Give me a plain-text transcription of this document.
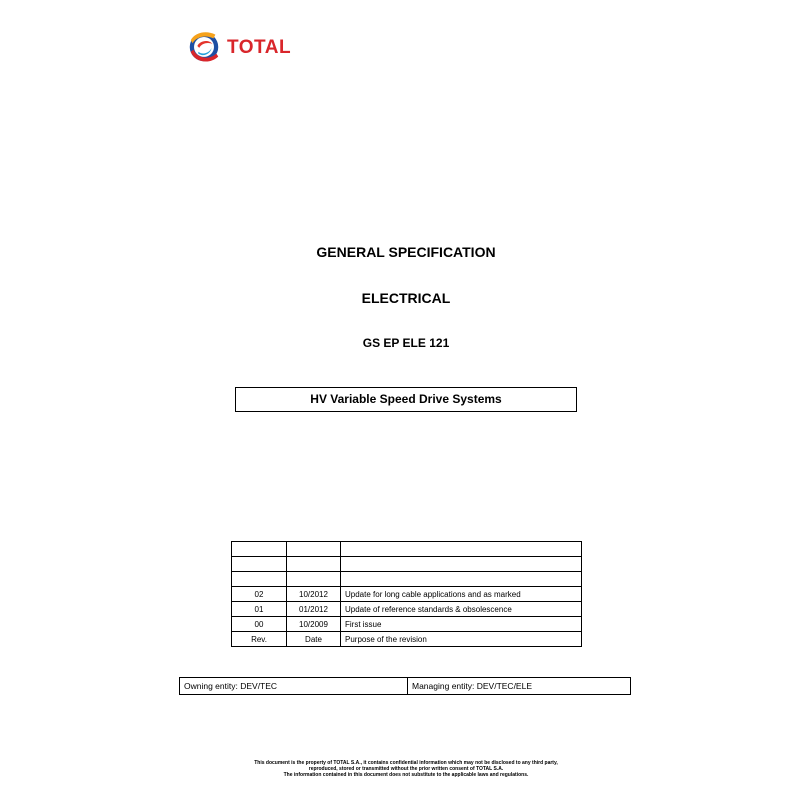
TOTAL
GENERAL SPECIFICATION
ELECTRICAL
GS EP ELE 121
HV Variable Speed Drive Systems

02	10/2012	Update for long cable applications and as marked
01	01/2012	Update of reference standards & obsolescence
00	10/2009	First issue
Rev.	Date	Purpose of the revision
Owning entity: DEV/TEC	Managing entity: DEV/TEC/ELE
This document is the property of TOTAL S.A., it contains confidential information which may not be disclosed to any third party,
reproduced, stored or transmitted without the prior written consent of TOTAL S.A.
The information contained in this document does not substitute to the applicable laws and regulations.
